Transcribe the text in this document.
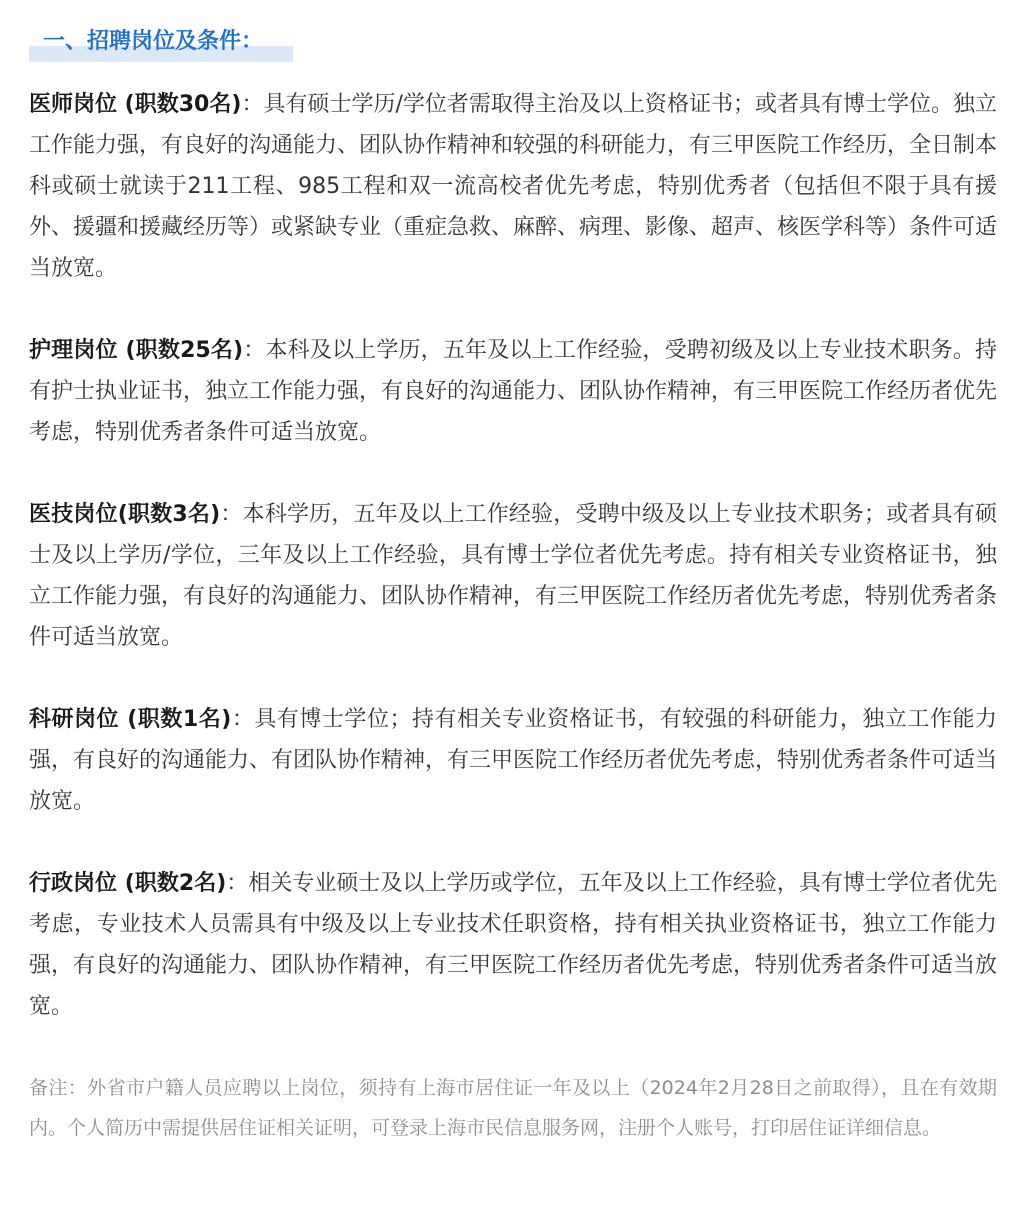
一、招聘岗位及条件：

医师岗位 (职数30名)：具有硕士学历/学位者需取得主治及以上资格证书；或者具有博士学位。独立工作能力强，有良好的沟通能力、团队协作精神和较强的科研能力，有三甲医院工作经历，全日制本科或硕士就读于211工程、985工程和双一流高校者优先考虑，特别优秀者（包括但不限于具有援外、援疆和援藏经历等）或紧缺专业（重症急救、麻醉、病理、影像、超声、核医学科等）条件可适当放宽。

护理岗位 (职数25名)：本科及以上学历，五年及以上工作经验，受聘初级及以上专业技术职务。持有护士执业证书，独立工作能力强，有良好的沟通能力、团队协作精神，有三甲医院工作经历者优先考虑，特别优秀者条件可适当放宽。

医技岗位(职数3名)：本科学历，五年及以上工作经验，受聘中级及以上专业技术职务；或者具有硕士及以上学历/学位，三年及以上工作经验，具有博士学位者优先考虑。持有相关专业资格证书，独立工作能力强，有良好的沟通能力、团队协作精神，有三甲医院工作经历者优先考虑，特别优秀者条件可适当放宽。

科研岗位 (职数1名)：具有博士学位；持有相关专业资格证书，有较强的科研能力，独立工作能力强，有良好的沟通能力、有团队协作精神，有三甲医院工作经历者优先考虑，特别优秀者条件可适当放宽。

行政岗位 (职数2名)：相关专业硕士及以上学历或学位，五年及以上工作经验，具有博士学位者优先考虑，专业技术人员需具有中级及以上专业技术任职资格，持有相关执业资格证书，独立工作能力强，有良好的沟通能力、团队协作精神，有三甲医院工作经历者优先考虑，特别优秀者条件可适当放宽。

备注：外省市户籍人员应聘以上岗位，须持有上海市居住证一年及以上（2024年2月28日之前取得），且在有效期内。个人简历中需提供居住证相关证明，可登录上海市民信息服务网，注册个人账号，打印居住证详细信息。
